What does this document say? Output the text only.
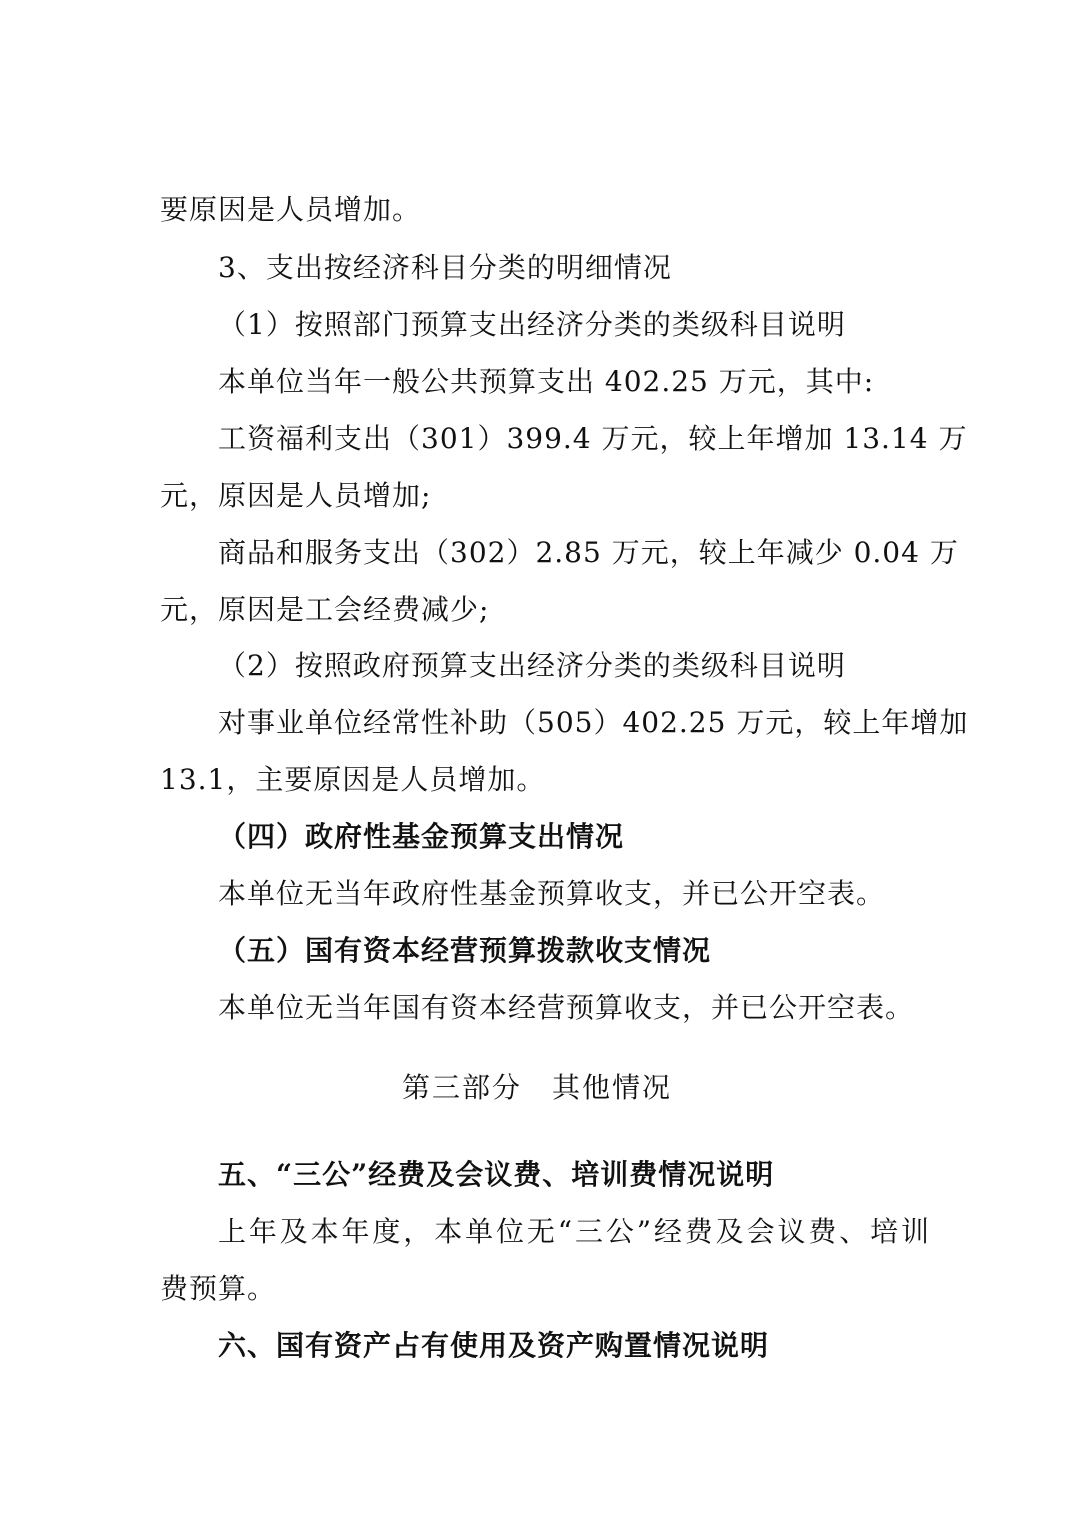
要原因是人员增加。
3、支出按经济科目分类的明细情况
（1）按照部门预算支出经济分类的类级科目说明
本单位当年一般公共预算支出 402.25 万元，其中:
工资福利支出（301）399.4 万元，较上年增加 13.14 万
元，原因是人员增加;
商品和服务支出（302）2.85 万元，较上年减少 0.04 万
元，原因是工会经费减少;
（2）按照政府预算支出经济分类的类级科目说明
对事业单位经常性补助（505）402.25 万元，较上年增加
13.1，主要原因是人员增加。
（四）政府性基金预算支出情况
本单位无当年政府性基金预算收支，并已公开空表。
（五）国有资本经营预算拨款收支情况
本单位无当年国有资本经营预算收支，并已公开空表。
第三部分　其他情况
五、“三公”经费及会议费、培训费情况说明
上年及本年度，本单位无“三公”经费及会议费、培训
费预算。
六、国有资产占有使用及资产购置情况说明
